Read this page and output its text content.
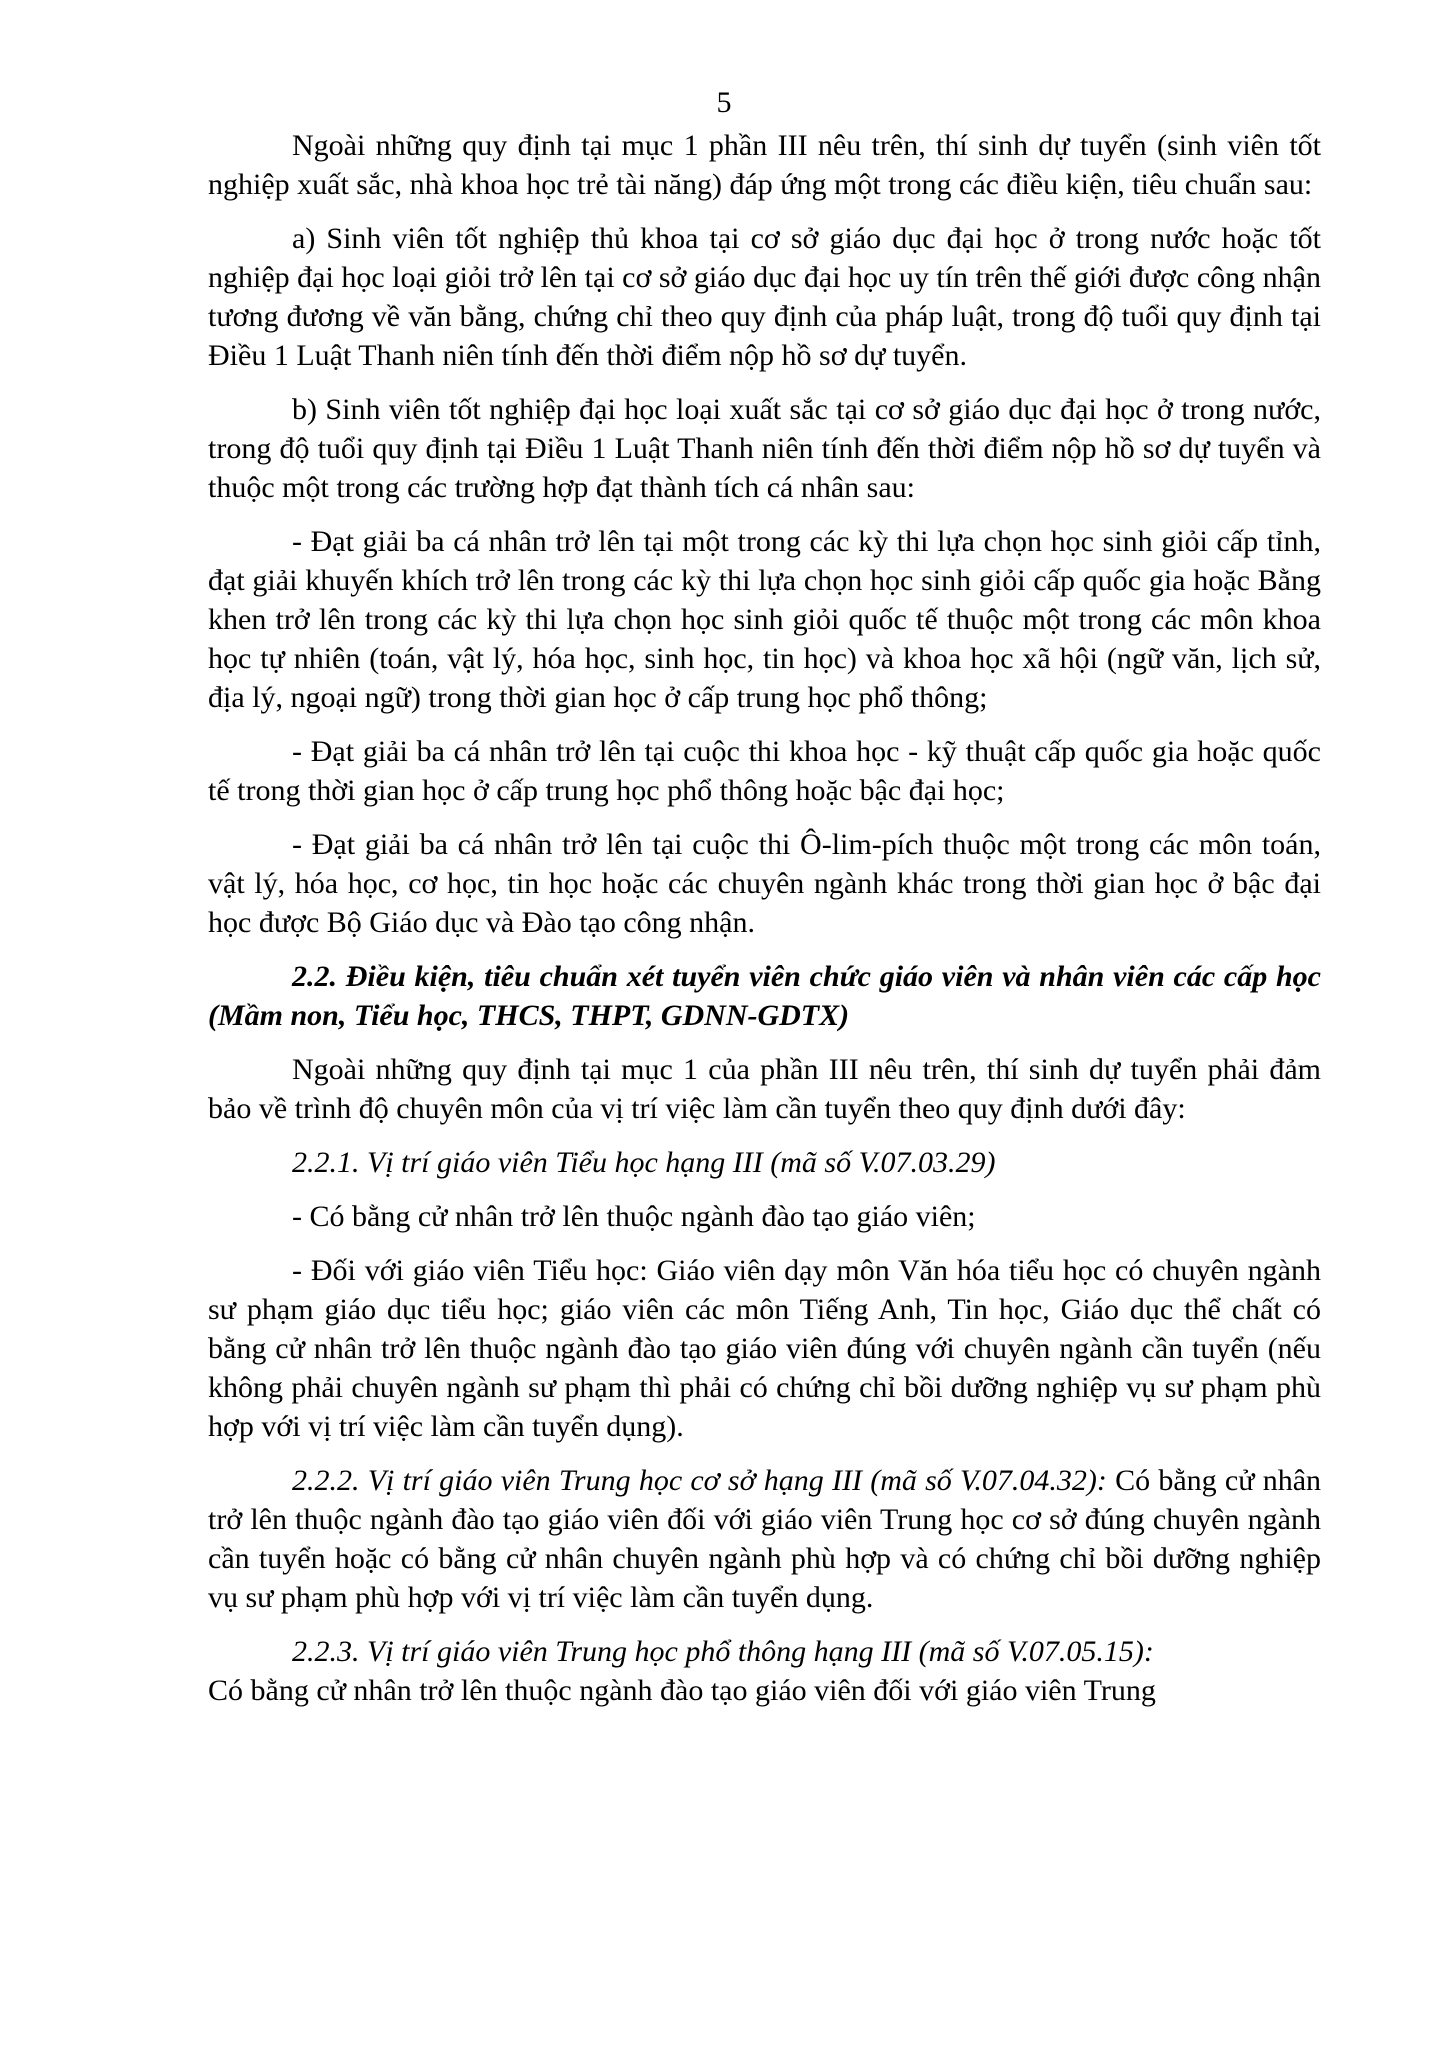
5

Ngoài những quy định tại mục 1 phần III nêu trên, thí sinh dự tuyển (sinh viên tốt nghiệp xuất sắc, nhà khoa học trẻ tài năng) đáp ứng một trong các điều kiện, tiêu chuẩn sau:

a) Sinh viên tốt nghiệp thủ khoa tại cơ sở giáo dục đại học ở trong nước hoặc tốt nghiệp đại học loại giỏi trở lên tại cơ sở giáo dục đại học uy tín trên thế giới được công nhận tương đương về văn bằng, chứng chỉ theo quy định của pháp luật, trong độ tuổi quy định tại Điều 1 Luật Thanh niên tính đến thời điểm nộp hồ sơ dự tuyển.

b) Sinh viên tốt nghiệp đại học loại xuất sắc tại cơ sở giáo dục đại học ở trong nước, trong độ tuổi quy định tại Điều 1 Luật Thanh niên tính đến thời điểm nộp hồ sơ dự tuyển và thuộc một trong các trường hợp đạt thành tích cá nhân sau:

- Đạt giải ba cá nhân trở lên tại một trong các kỳ thi lựa chọn học sinh giỏi cấp tỉnh, đạt giải khuyến khích trở lên trong các kỳ thi lựa chọn học sinh giỏi cấp quốc gia hoặc Bằng khen trở lên trong các kỳ thi lựa chọn học sinh giỏi quốc tế thuộc một trong các môn khoa học tự nhiên (toán, vật lý, hóa học, sinh học, tin học) và khoa học xã hội (ngữ văn, lịch sử, địa lý, ngoại ngữ) trong thời gian học ở cấp trung học phổ thông;

- Đạt giải ba cá nhân trở lên tại cuộc thi khoa học - kỹ thuật cấp quốc gia hoặc quốc tế trong thời gian học ở cấp trung học phổ thông hoặc bậc đại học;

- Đạt giải ba cá nhân trở lên tại cuộc thi Ô-lim-pích thuộc một trong các môn toán, vật lý, hóa học, cơ học, tin học hoặc các chuyên ngành khác trong thời gian học ở bậc đại học được Bộ Giáo dục và Đào tạo công nhận.

2.2. Điều kiện, tiêu chuẩn xét tuyển viên chức giáo viên và nhân viên các cấp học (Mầm non, Tiểu học, THCS, THPT, GDNN-GDTX)

Ngoài những quy định tại mục 1 của phần III nêu trên, thí sinh dự tuyển phải đảm bảo về trình độ chuyên môn của vị trí việc làm cần tuyển theo quy định dưới đây:

2.2.1. Vị trí giáo viên Tiểu học hạng III (mã số V.07.03.29)

- Có bằng cử nhân trở lên thuộc ngành đào tạo giáo viên;

- Đối với giáo viên Tiểu học: Giáo viên dạy môn Văn hóa tiểu học có chuyên ngành sư phạm giáo dục tiểu học; giáo viên các môn Tiếng Anh, Tin học, Giáo dục thể chất có bằng cử nhân trở lên thuộc ngành đào tạo giáo viên đúng với chuyên ngành cần tuyển (nếu không phải chuyên ngành sư phạm thì phải có chứng chỉ bồi dưỡng nghiệp vụ sư phạm phù hợp với vị trí việc làm cần tuyển dụng).

2.2.2. Vị trí giáo viên Trung học cơ sở hạng III (mã số V.07.04.32): Có bằng cử nhân trở lên thuộc ngành đào tạo giáo viên đối với giáo viên Trung học cơ sở đúng chuyên ngành cần tuyển hoặc có bằng cử nhân chuyên ngành phù hợp và có chứng chỉ bồi dưỡng nghiệp vụ sư phạm phù hợp với vị trí việc làm cần tuyển dụng.

2.2.3. Vị trí giáo viên Trung học phổ thông hạng III (mã số V.07.05.15):
Có bằng cử nhân trở lên thuộc ngành đào tạo giáo viên đối với giáo viên Trung
